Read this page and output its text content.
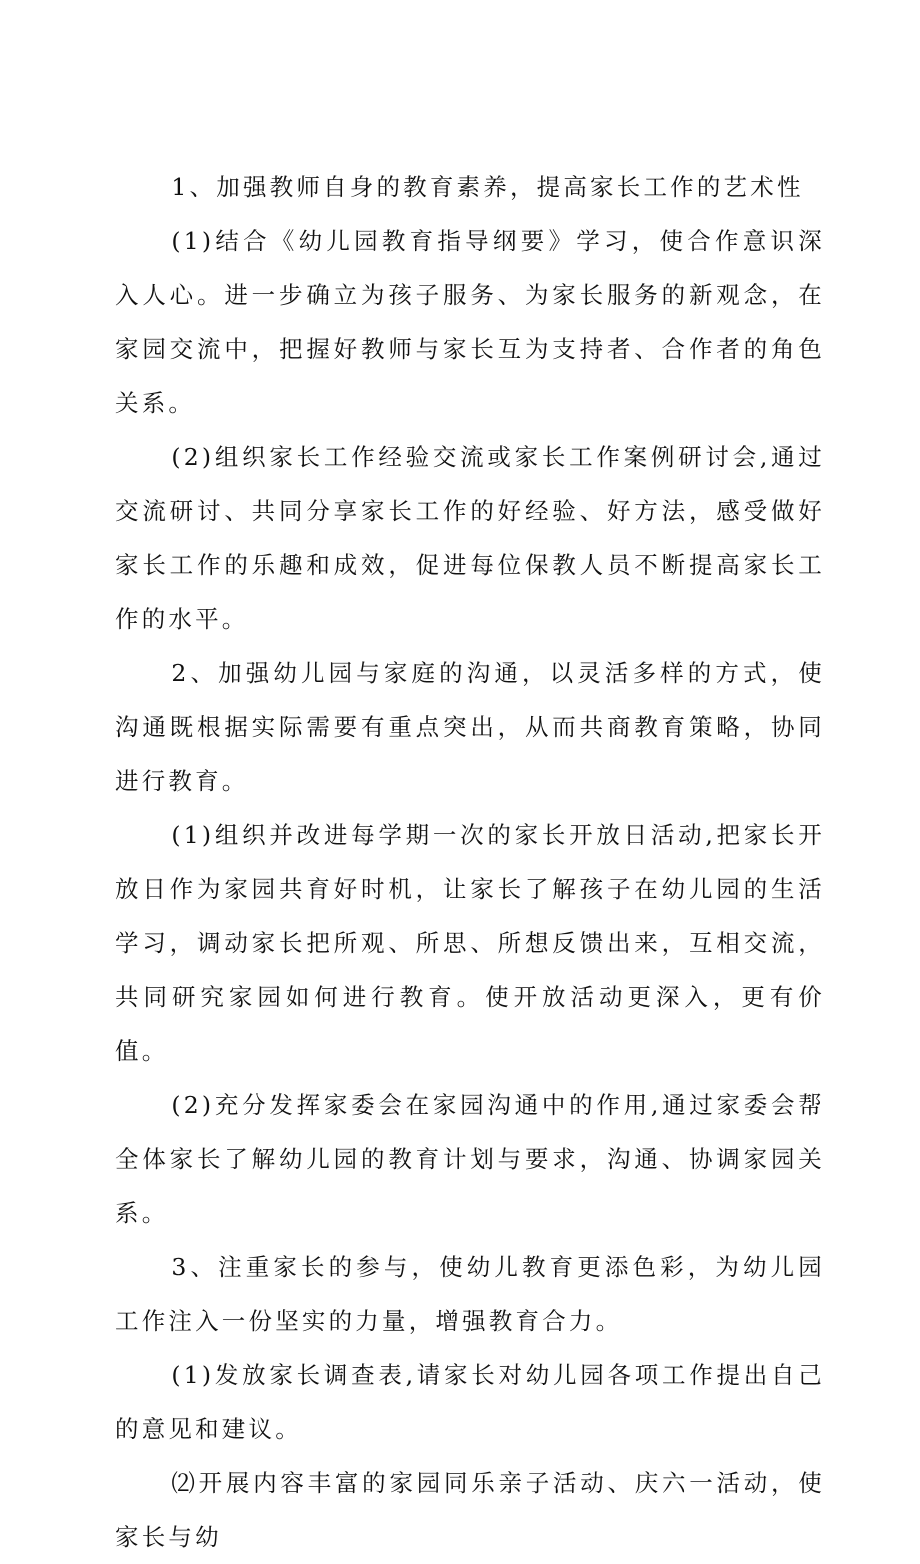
1、加强教师自身的教育素养，提高家长工作的艺术性

(1)结合《幼儿园教育指导纲要》学习，使合作意识深入人心。进一步确立为孩子服务、为家长服务的新观念，在家园交流中，把握好教师与家长互为支持者、合作者的角色关系。

(2)组织家长工作经验交流或家长工作案例研讨会,通过交流研讨、共同分享家长工作的好经验、好方法，感受做好家长工作的乐趣和成效，促进每位保教人员不断提高家长工作的水平。

2、加强幼儿园与家庭的沟通，以灵活多样的方式，使沟通既根据实际需要有重点突出，从而共商教育策略，协同进行教育。

(1)组织并改进每学期一次的家长开放日活动,把家长开放日作为家园共育好时机，让家长了解孩子在幼儿园的生活学习，调动家长把所观、所思、所想反馈出来，互相交流，共同研究家园如何进行教育。使开放活动更深入，更有价值。

(2)充分发挥家委会在家园沟通中的作用,通过家委会帮全体家长了解幼儿园的教育计划与要求，沟通、协调家园关系。

3、注重家长的参与，使幼儿教育更添色彩，为幼儿园工作注入一份坚实的力量，增强教育合力。

(1)发放家长调查表,请家长对幼儿园各项工作提出自己的意见和建议。

⑵开展内容丰富的家园同乐亲子活动、庆六一活动，使家长与幼
